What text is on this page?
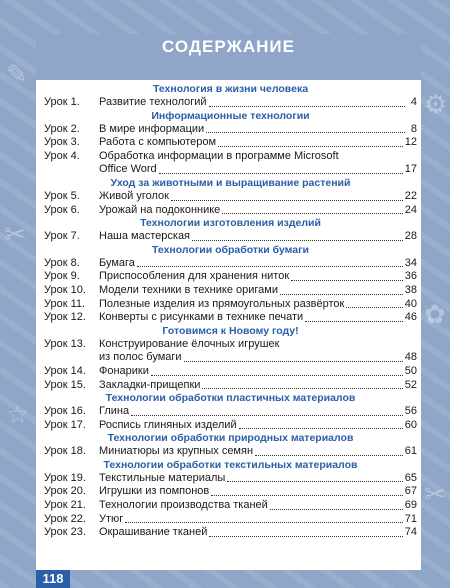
✎
✂
☆
⚙
✿
✂
СОДЕРЖАНИЕ
Технология в жизни человека
Урок 1.	Развитие технологий	4
Информационные технологии
Урок 2.	В мире информации	8
Урок 3.	Работа с компьютером	12
Урок 4.	Обработка информации в программе Microsoft
Office Word	17
Уход за животными и выращивание растений
Урок 5.	Живой уголок	22
Урок 6.	Урожай на подоконнике	24
Технологии изготовления изделий
Урок 7.	Наша мастерская	28
Технологии обработки бумаги
Урок 8.	Бумага	34
Урок 9.	Приспособления для хранения ниток	36
Урок 10.	Модели техники в технике оригами	38
Урок 11.	Полезные изделия из прямоугольных развёрток	40
Урок 12.	Конверты с рисунками в технике печати	46
Готовимся к Новому году!
Урок 13.	Конструирование ёлочных игрушек
из полос бумаги	48
Урок 14.	Фонарики	50
Урок 15.	Закладки-прищепки	52
Технологии обработки пластичных материалов
Урок 16.	Глина	56
Урок 17.	Роспись глиняных изделий	60
Технологии обработки природных материалов
Урок 18.	Миниатюры из крупных семян	61
Технологии обработки текстильных материалов
Урок 19.	Текстильные материалы	65
Урок 20.	Игрушки из помпонов	67
Урок 21.	Технологии производства тканей	69
Урок 22.	Утюг	71
Урок 23.	Окрашивание тканей	74
118
